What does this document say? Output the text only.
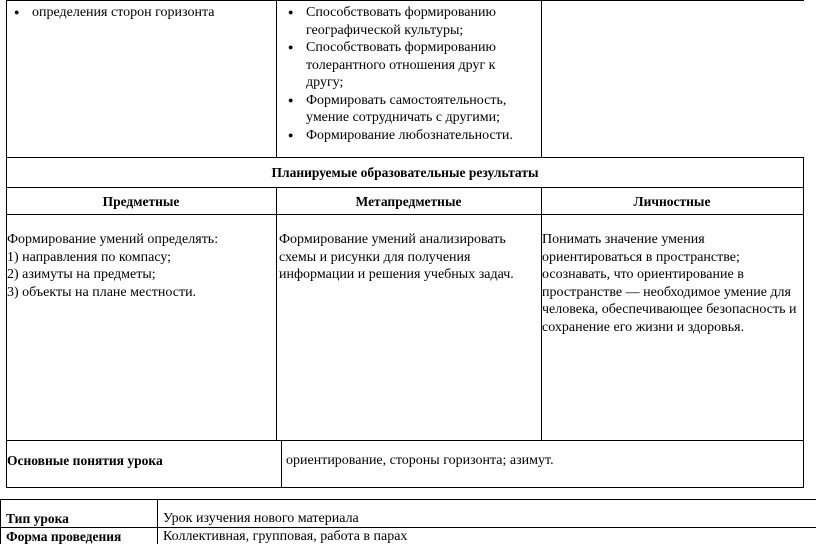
● определения сторон горизонта
●	Способствовать формированию географической культуры;
● Способствовать формированию толерантного отношения друг к другу;
● Формировать самостоятельность, умение сотрудничать с другими;
● Формирование любознательности.
Планируемые образовательные результаты
Предметные	Метапредметные	Личностные
Формирование умений определять:
1) направления по компасу;
2) азимуты на предметы;
3) объекты на плане местности.
Формирование умений анализировать схемы и рисунки для получения информации и решения учебных задач.
Понимать значение умения ориентироваться в пространстве; осознавать, что ориентирование в пространстве — необходимое умение для человека, обеспечивающее безопасность и сохранение его жизни и здоровья.
Основные понятия урока	ориентирование, стороны горизонта; азимут.
Тип урока	Урок изучения нового материала
Форма проведения	Коллективная, групповая, работа в парах
